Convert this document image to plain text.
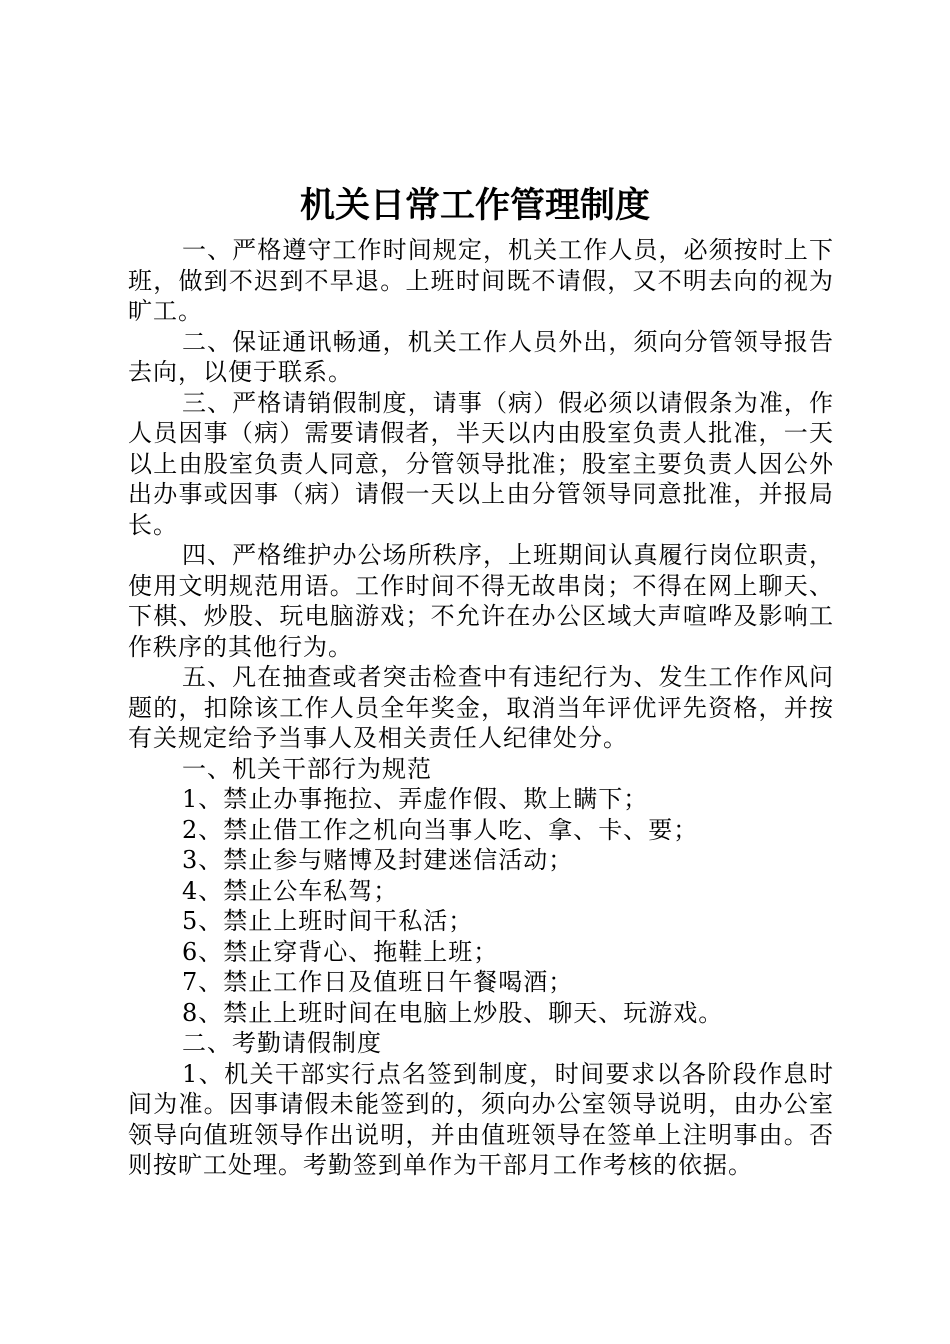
机关日常工作管理制度

一、严格遵守工作时间规定，机关工作人员，必须按时上下班，做到不迟到不早退。上班时间既不请假，又不明去向的视为旷工。

二、保证通讯畅通，机关工作人员外出，须向分管领导报告去向，以便于联系。

三、严格请销假制度，请事（病）假必须以请假条为准，作人员因事（病）需要请假者，半天以内由股室负责人批准，一天以上由股室负责人同意，分管领导批准；股室主要负责人因公外出办事或因事（病）请假一天以上由分管领导同意批准，并报局长。

四、严格维护办公场所秩序，上班期间认真履行岗位职责，使用文明规范用语。工作时间不得无故串岗；不得在网上聊天、下棋、炒股、玩电脑游戏；不允许在办公区域大声喧哗及影响工作秩序的其他行为。

五、凡在抽查或者突击检查中有违纪行为、发生工作作风问题的，扣除该工作人员全年奖金，取消当年评优评先资格，并按有关规定给予当事人及相关责任人纪律处分。

一、机关干部行为规范

1、禁止办事拖拉、弄虚作假、欺上瞒下；

2、禁止借工作之机向当事人吃、拿、卡、要；

3、禁止参与赌博及封建迷信活动；

4、禁止公车私驾；

5、禁止上班时间干私活；

6、禁止穿背心、拖鞋上班；

7、禁止工作日及值班日午餐喝酒；

8、禁止上班时间在电脑上炒股、聊天、玩游戏。

二、考勤请假制度

1、机关干部实行点名签到制度，时间要求以各阶段作息时间为准。因事请假未能签到的，须向办公室领导说明，由办公室领导向值班领导作出说明，并由值班领导在签单上注明事由。否则按旷工处理。考勤签到单作为干部月工作考核的依据。
